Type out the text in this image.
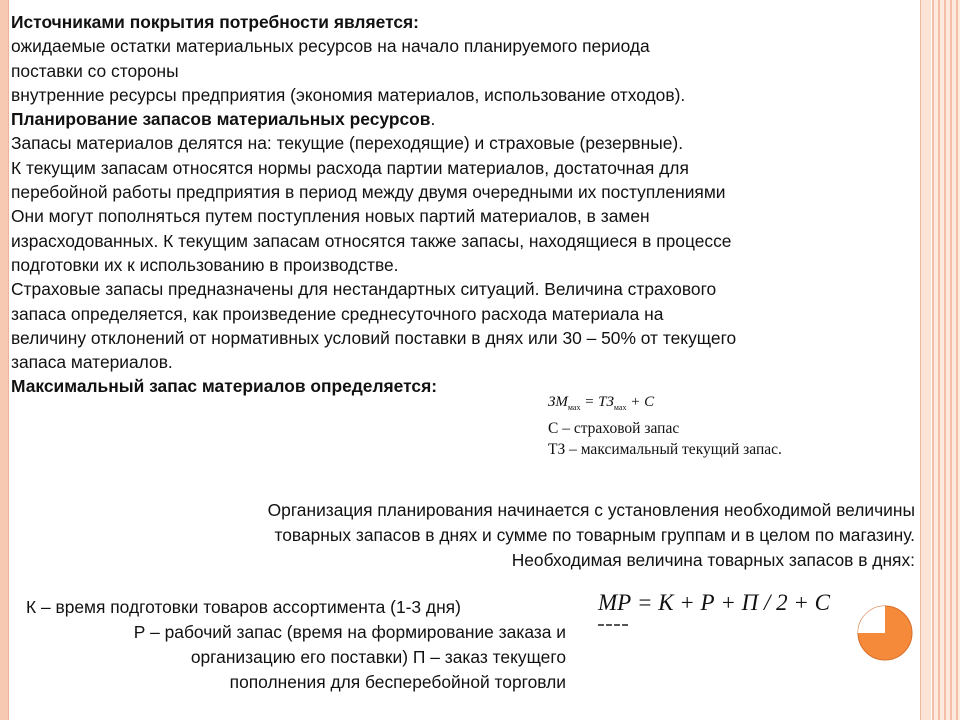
Источниками покрытия потребности является:

ожидаемые остатки материальных ресурсов на начало планируемого периода

поставки со стороны

внутренние ресурсы предприятия (экономия материалов, использование отходов).

Планирование запасов материальных ресурсов.

Запасы материалов делятся на: текущие (переходящие) и страховые (резервные).

К текущим запасам относятся нормы расхода партии материалов, достаточная для

перебойной работы предприятия в период между двумя очередными их поступлениями

Они могут пополняться путем поступления новых партий материалов, в замен

израсходованных. К текущим запасам относятся также запасы, находящиеся в процессе

подготовки их к использованию в производстве.

Страховые запасы предназначены для нестандартных ситуаций. Величина страхового

запаса определяется, как произведение среднесуточного расхода материала на

величину отклонений от нормативных условий поставки в днях или 30 – 50% от текущего

запаса материалов.

Максимальный запас материалов определяется:

$ЗМ_{мах} = ТЗ_{мах} + С$
С – страховой запас
ТЗ – максимальный текущий запас.

Организация планирования начинается с установления необходимой величины

товарных запасов в днях и сумме по товарным группам и в целом по магазину.

Необходимая величина товарных запасов в днях:

К – время подготовки товаров ассортимента (1-3 дня)

Р – рабочий запас (время на формирование заказа и

организацию его поставки) П – заказ текущего

пополнения для бесперебойной торговли

МР = К + Р + П / 2 + С
